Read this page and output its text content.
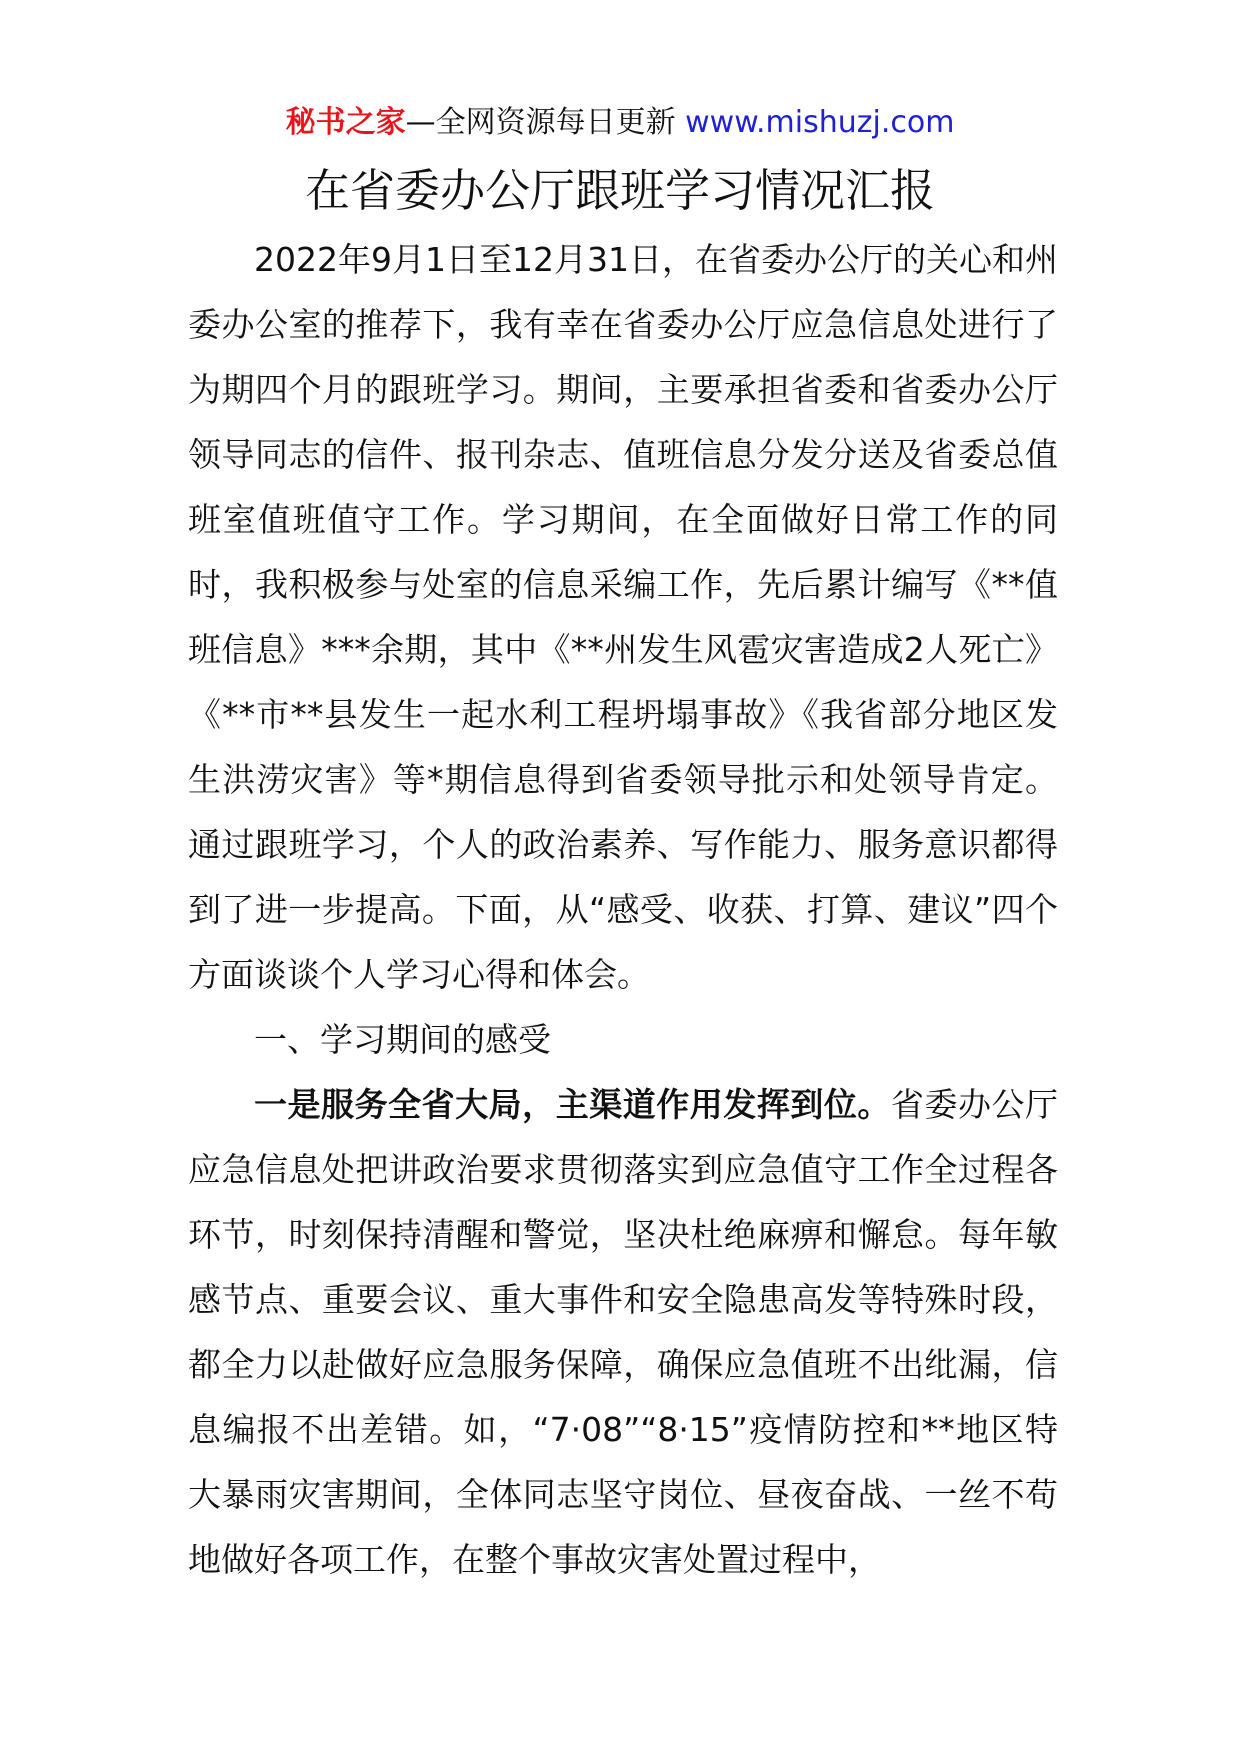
秘书之家—全网资源每日更新 www.mishuzj.com
在省委办公厅跟班学习情况汇报

2022年9月1日至12月31日，在省委办公厅的关心和州委办公室的推荐下，我有幸在省委办公厅应急信息处进行了为期四个月的跟班学习。期间，主要承担省委和省委办公厅领导同志的信件、报刊杂志、值班信息分发分送及省委总值班室值班值守工作。学习期间，在全面做好日常工作的同时，我积极参与处室的信息采编工作，先后累计编写《**值班信息》***余期，其中《**州发生风雹灾害造成2人死亡》《**市**县发生一起水利工程坍塌事故》《我省部分地区发生洪涝灾害》等*期信息得到省委领导批示和处领导肯定。通过跟班学习，个人的政治素养、写作能力、服务意识都得到了进一步提高。下面，从“感受、收获、打算、建议”四个方面谈谈个人学习心得和体会。

一、学习期间的感受

一是服务全省大局，主渠道作用发挥到位。省委办公厅应急信息处把讲政治要求贯彻落实到应急值守工作全过程各环节，时刻保持清醒和警觉，坚决杜绝麻痹和懈怠。每年敏感节点、重要会议、重大事件和安全隐患高发等特殊时段，都全力以赴做好应急服务保障，确保应急值班不出纰漏，信息编报不出差错。如，“7·08”“8·15”疫情防控和**地区特大暴雨灾害期间，全体同志坚守岗位、昼夜奋战、一丝不苟地做好各项工作，在整个事故灾害处置过程中，
